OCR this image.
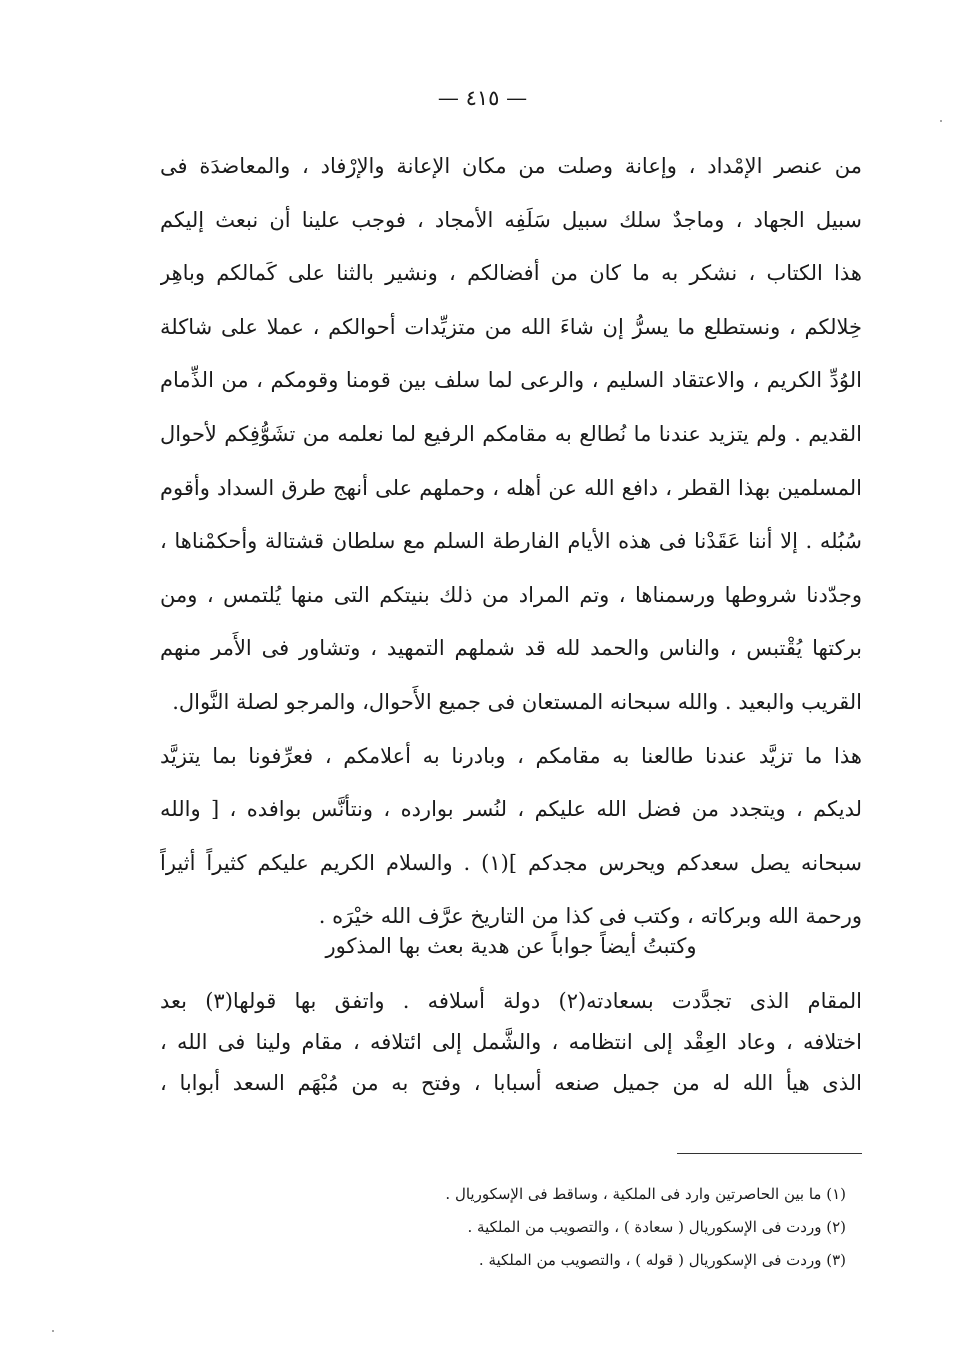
— ٤١٥ —
من عنصر الإمْداد ، وإعانة وصلت من مكان الإعانة والإرْفاد ، والمعاضدَة فى
سبيل الجهاد ، وماجدٌ سلك سبيل سَلَفِه الأمجاد ، فوجب علينا أن نبعث إليكم
هذا الكتاب ، نشكر به ما كان من أفضالكم ، ونشير بالثنا على كَمالكم وباهِر
خِلالكم ، ونستطلع ما يسرُّ إن شاءَ الله من متزيِّدات أحوالكم ، عملا على شاكلة
الوُدِّ الكريم ، والاعتقاد السليم ، والرعى لما سلف بين قومنا وقومكم ، من الذِّمام
القديم . ولم يتزيد عندنا ما نُطالع به مقامكم الرفيع لما نعلمه من تشَوُّفِكم لأحوال
المسلمين بهذا القطر ، دافع الله عن أهله ، وحملهم على أنهج طرق السداد وأقوم
سُبُله . إلا أننا عَقَدْنا فى هذه الأيام الفارطة السلم مع سلطان قشتالة وأحكمْناها ،
وجدّدنا شروطها ورسمناها ، وتم المراد من ذلك بنيتكم التى منها يُلتمس ، ومن
بركتها يُقْتبس ، والناس والحمد لله قد شملهم التمهيد ، وتشاور فى الأَمر منهم
القريب والبعيد . والله سبحانه المستعان فى جميع الأَحوال، والمرجو لصلة النَّوال.
هذا ما تزيَّد عندنا طالعنا به مقامكم ، وبادرنا به أعلامكم ، فعرِّفونا بما يتزيَّد
لديكم ، ويتجدد من فضل الله عليكم ، لنُسر بوارده ، ونتأنَّس بوافده ، [ والله
سبحانه يصل سعدكم ويحرس مجدكم ](١) . والسلام الكريم عليكم كثيراً أثيراً
ورحمة الله وبركاته ، وكتب فى كذا من التاريخ عرَّف الله خيْرَه .
وكتبتُ أيضاً جواباً عن هدية بعث بها المذكور
المقام الذى تجدَّدت بسعادته(٢) دولة أسلافه . واتفق بها قولها(٣) بعد
اختلافه ، وعاد العِقْد إلى انتظامه ، والشَّمل إلى ائتلافه ، مقام ولينا فى الله ،
الذى هيأ الله له من جميل صنعه أسبابا ، وفتح به من مُبْهَم السعد أبوابا ،
(١) ما بين الحاصرتين وارد فى الملكية ، وساقط فى الإسكوريال .
(٢) وردت فى الإسكوريال ( سعادة ) ، والتصويب من الملكية .
(٣) وردت فى الإسكوريال ( قوله ) ، والتصويب من الملكية .
